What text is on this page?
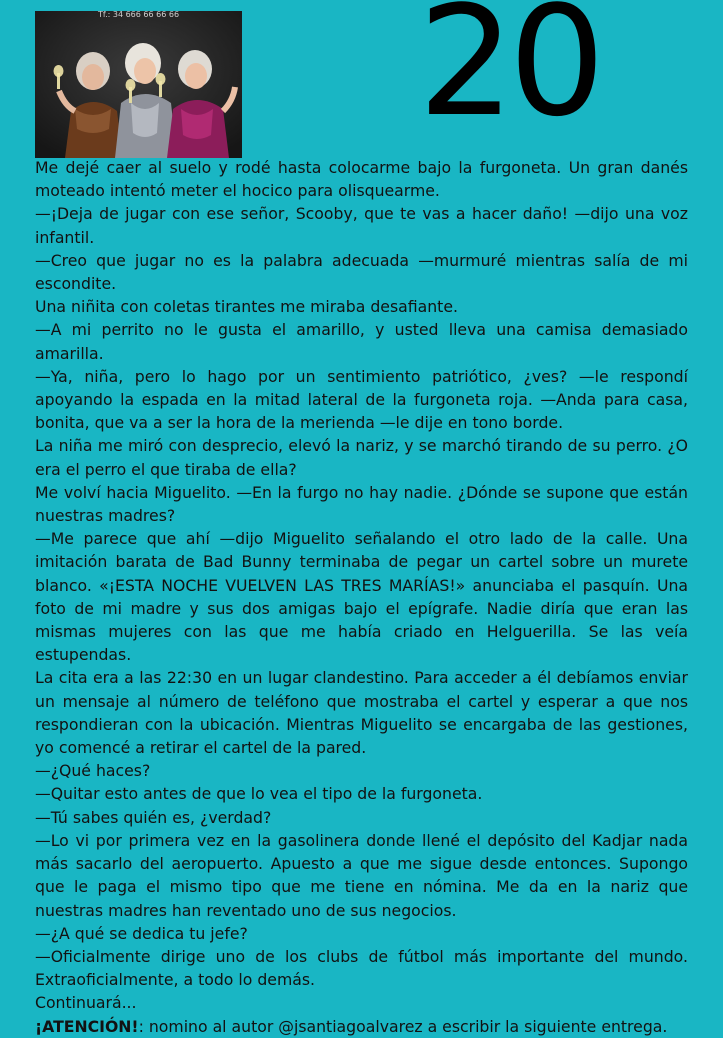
Tf.: 34 666 66 66 66	20

Me dejé caer al suelo y rodé hasta colocarme bajo la furgoneta. Un gran danés moteado intentó meter el hocico para olisquearme.

—¡Deja de jugar con ese señor, Scooby, que te vas a hacer daño! —dijo una voz infantil.

—Creo que jugar no es la palabra adecuada —murmuré mientras salía de mi escondite.

Una niñita con coletas tirantes me miraba desafiante.

—A mi perrito no le gusta el amarillo, y usted lleva una camisa demasiado amarilla.

—Ya, niña, pero lo hago por un sentimiento patriótico, ¿ves? —le respondí apoyando la espada en la mitad lateral de la furgoneta roja. —Anda para casa, bonita, que va a ser la hora de la merienda —le dije en tono borde.

La niña me miró con desprecio, elevó la nariz, y se marchó tirando de su perro. ¿O era el perro el que tiraba de ella?

Me volví hacia Miguelito. —En la furgo no hay nadie. ¿Dónde se supone que están nuestras madres?

—Me parece que ahí —dijo Miguelito señalando el otro lado de la calle. Una imitación barata de Bad Bunny terminaba de pegar un cartel sobre un murete blanco. «¡ESTA NOCHE VUELVEN LAS TRES MARÍAS!» anunciaba el pasquín. Una foto de mi madre y sus dos amigas bajo el epígrafe. Nadie diría que eran las mismas mujeres con las que me había criado en Helguerilla. Se las veía estupendas.

La cita era a las 22:30 en un lugar clandestino. Para acceder a él debíamos enviar un mensaje al número de teléfono que mostraba el cartel y esperar a que nos respondieran con la ubicación. Mientras Miguelito se encargaba de las gestiones, yo comencé a retirar el cartel de la pared.

—¿Qué haces?

—Quitar esto antes de que lo vea el tipo de la furgoneta.

—Tú sabes quién es, ¿verdad?

—Lo vi por primera vez en la gasolinera donde llené el depósito del Kadjar nada más sacarlo del aeropuerto. Apuesto a que me sigue desde entonces. Supongo que le paga el mismo tipo que me tiene en nómina. Me da en la nariz que nuestras madres han reventado uno de sus negocios.

—¿A qué se dedica tu jefe?

—Oficialmente dirige uno de los clubs de fútbol más importante del mundo. Extraoficialmente, a todo lo demás.

Continuará...

¡ATENCIÓN!: nomino al autor @jsantiagoalvarez a escribir la siguiente entrega.
